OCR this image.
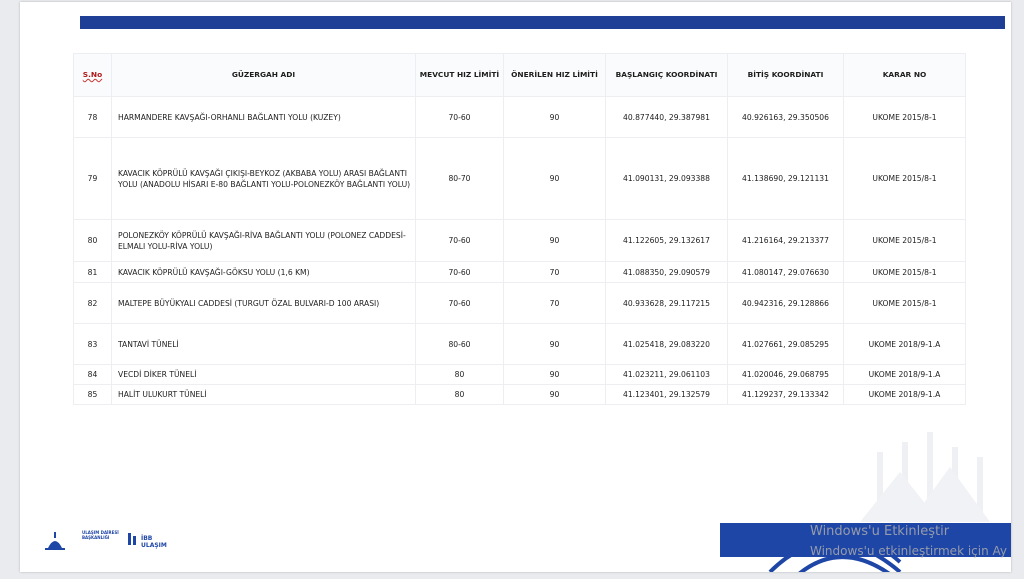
S.No	GÜZERGAH ADI	MEVCUT HIZ LİMİTİ	ÖNERİLEN HIZ LİMİTİ	BAŞLANGIÇ KOORDİNATI	BİTİŞ KOORDİNATI	KARAR NO
78	HARMANDERE KAVŞAĞI-ORHANLI BAĞLANTI YOLU (KUZEY)	70-60	90	40.877440, 29.387981	40.926163, 29.350506	UKOME 2015/8-1
79	KAVACIK KÖPRÜLÜ KAVŞAĞI ÇIKIŞI-BEYKOZ (AKBABA YOLU) ARASI BAĞLANTI YOLU (ANADOLU HİSARI E-80 BAĞLANTI YOLU-POLONEZKÖY BAĞLANTI YOLU)	80-70	90	41.090131, 29.093388	41.138690, 29.121131	UKOME 2015/8-1
80	POLONEZKÖY KÖPRÜLÜ KAVŞAĞI-RİVA BAĞLANTI YOLU (POLONEZ CADDESİ-ELMALI YOLU-RİVA YOLU)	70-60	90	41.122605, 29.132617	41.216164, 29.213377	UKOME 2015/8-1
81	KAVACIK KÖPRÜLÜ KAVŞAĞI-GÖKSU YOLU (1,6 KM)	70-60	70	41.088350, 29.090579	41.080147, 29.076630	UKOME 2015/8-1
82	MALTEPE BÜYÜKYALI CADDESİ (TURGUT ÖZAL BULVARI-D 100 ARASI)	70-60	70	40.933628, 29.117215	40.942316, 29.128866	UKOME 2015/8-1
83	TANTAVİ TÜNELİ	80-60	90	41.025418, 29.083220	41.027661, 29.085295	UKOME 2018/9-1.A
84	VECDİ DİKER TÜNELİ	80	90	41.023211, 29.061103	41.020046, 29.068795	UKOME 2018/9-1.A
85	HALİT ULUKURT TÜNELİ	80	90	41.123401, 29.132579	41.129237, 29.133342	UKOME 2018/9-1.A
ULAŞIM DAİRESİ BAŞKANLIĞI	İBB
ULAŞIM
Windows'u Etkinleştir
Windows'u etkinleştirmek için Ay
